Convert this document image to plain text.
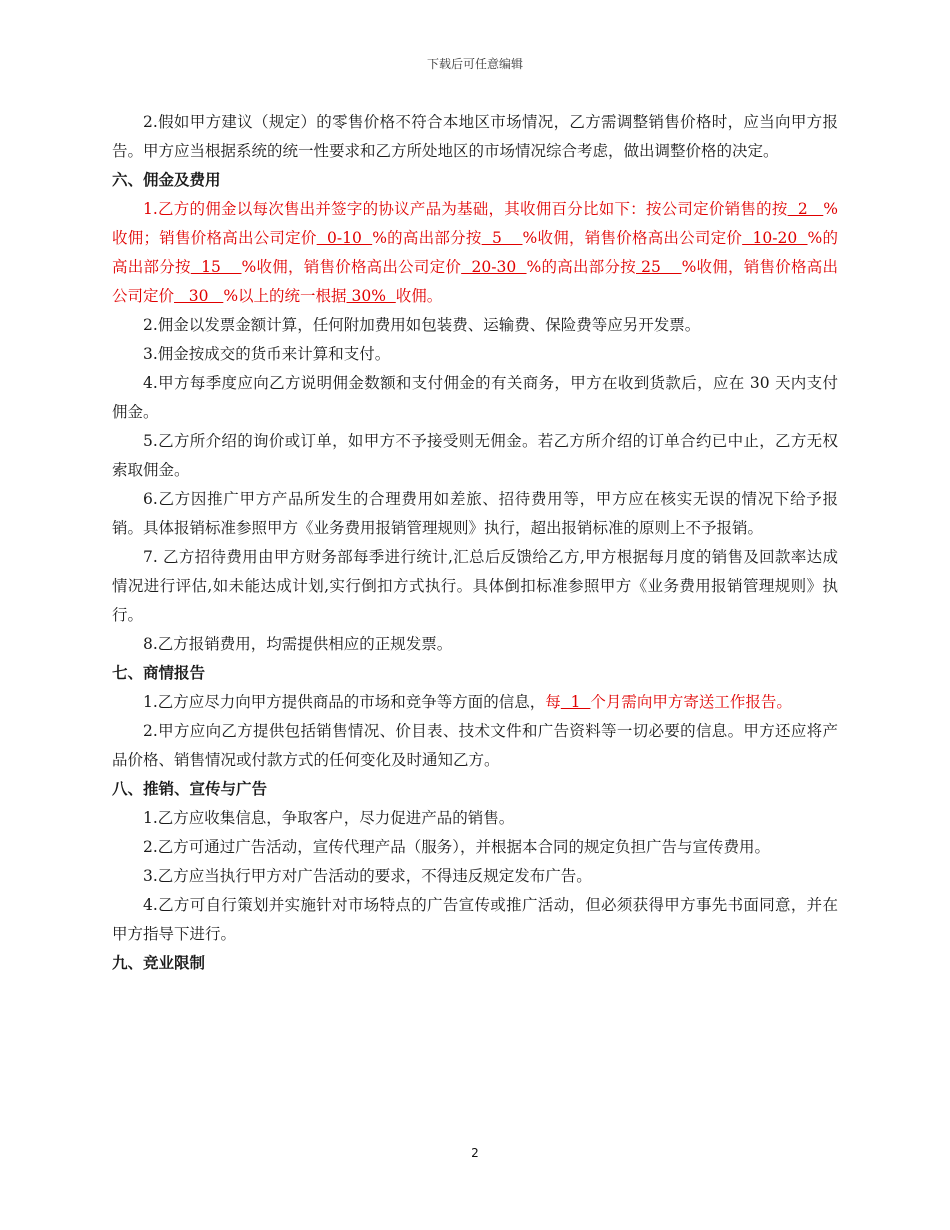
下载后可任意编辑

2.假如甲方建议（规定）的零售价格不符合本地区市场情况，乙方需调整销售价格时，应当向甲方报告。甲方应当根据系统的统一性要求和乙方所处地区的市场情况综合考虑，做出调整价格的决定。

六、佣金及费用

1.乙方的佣金以每次售出并签字的协议产品为基础，其收佣百分比如下：按公司定价销售的按  2   %收佣；销售价格高出公司定价  0-10  %的高出部分按  5    %收佣，销售价格高出公司定价  10-20  %的高出部分按  15    %收佣，销售价格高出公司定价  20-30  %的高出部分按 25    %收佣，销售价格高出公司定价   30   %以上的统一根据 30%  收佣。

2.佣金以发票金额计算，任何附加费用如包装费、运输费、保险费等应另开发票。

3.佣金按成交的货币来计算和支付。

4.甲方每季度应向乙方说明佣金数额和支付佣金的有关商务，甲方在收到货款后，应在 30 天内支付佣金。

5.乙方所介绍的询价或订单，如甲方不予接受则无佣金。若乙方所介绍的订单合约已中止，乙方无权索取佣金。

6.乙方因推广甲方产品所发生的合理费用如差旅、招待费用等，甲方应在核实无误的情况下给予报销。具体报销标准参照甲方《业务费用报销管理规则》执行，超出报销标准的原则上不予报销。

7. 乙方招待费用由甲方财务部每季进行统计,汇总后反馈给乙方,甲方根据每月度的销售及回款率达成情况进行评估,如未能达成计划,实行倒扣方式执行。具体倒扣标准参照甲方《业务费用报销管理规则》执行。

8.乙方报销费用，均需提供相应的正规发票。

七、商情报告

1.乙方应尽力向甲方提供商品的市场和竞争等方面的信息，每  1  个月需向甲方寄送工作报告。

2.甲方应向乙方提供包括销售情况、价目表、技术文件和广告资料等一切必要的信息。甲方还应将产品价格、销售情况或付款方式的任何变化及时通知乙方。

八、推销、宣传与广告

1.乙方应收集信息，争取客户，尽力促进产品的销售。

2.乙方可通过广告活动，宣传代理产品（服务），并根据本合同的规定负担广告与宣传费用。

3.乙方应当执行甲方对广告活动的要求，不得违反规定发布广告。

4.乙方可自行策划并实施针对市场特点的广告宣传或推广活动，但必须获得甲方事先书面同意，并在甲方指导下进行。

九、竞业限制

2
